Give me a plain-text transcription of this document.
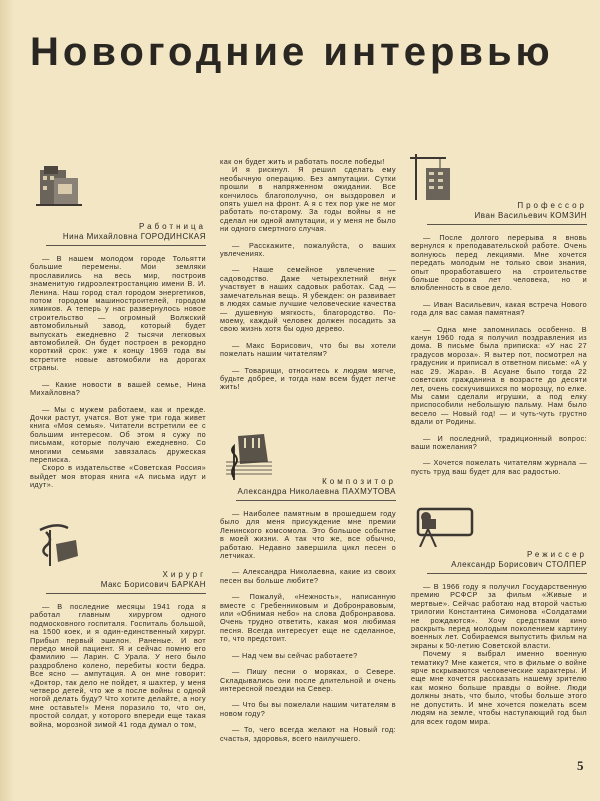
Новогодние интервью
Работница
Нина Михайловна ГОРОДИНСКАЯ

— В нашем молодом городе Тольятти большие перемены. Мои земляки прославились на весь мир, построив знаменитую гидроэлектростанцию имени В. И. Ленина. Наш город стал городом энергетиков, потом городом машиностроителей, городом химиков. А теперь у нас развернулось новое строительство — огромный Волжский автомобильный завод, который будет выпускать ежедневно 2 тысячи легковых автомобилей. Он будет построен в рекордно короткий срок: уже к концу 1969 года вы встретите новые автомобили на дорогах страны.

— Какие новости в вашей семье, Нина Михайловна?

— Мы с мужем работаем, как и прежде. Дочки растут, учатся. Вот уже три года живет книга «Моя семья». Читатели встретили ее с большим интересом. Об этом я сужу по письмам, которые получаю ежедневно. Со многими семьями завязалась дружеская переписка.

Скоро в издательстве «Советская Россия» выйдет моя вторая книга «А письма идут и идут».

Хирург
Макс Борисович БАРКАН

— В последние месяцы 1941 года я работал главным хирургом одного подмосковного госпиталя. Госпиталь большой, на 1500 коек, и я один-единственный хирург. Прибыл первый эшелон. Раненые. И вот передо мной пациент. Я и сейчас помню его фамилию — Ларин. С Урала. У него было раздроблено колено, перебиты кости бедра. Все ясно — ампутация. А он мне говорит: «Доктор, так дело не пойдет, я шахтер, у меня четверо детей, что же я после войны с одной ногой делать буду? Что хотите делайте, а ногу мне оставьте!» Меня поразило то, что он, простой солдат, у которого впереди еще такая война, морозной зимой 41 года думал о том,

как он будет жить и работать после победы!

И я рискнул. Я решил сделать ему необычную операцию. Без ампутации. Сутки прошли в напряженном ожидании. Все кончилось благополучно, он выздоровел и опять ушел на фронт. А я с тех пор уже не мог работать по-старому. За годы войны я не сделал ни одной ампутации, и у меня не было ни одного смертного случая.

— Расскажите, пожалуйста, о ваших увлечениях.

— Наше семейное увлечение — садоводство. Даже четырехлетний внук участвует в наших садовых работах. Сад — замечательная вещь. Я убежден: он развивает в людях самые лучшие человеческие качества — душевную мягкость, благородство. По-моему, каждый человек должен посадить за свою жизнь хотя бы одно дерево.

— Макс Борисович, что бы вы хотели пожелать нашим читателям?

— Товарищи, относитесь к людям мягче, будьте добрее, и тогда нам всем будет легче жить!

Композитор
Александра Николаевна ПАХМУТОВА

— Наиболее памятным в прошедшем году было для меня присуждение мне премии Ленинского комсомола. Это большое событие в моей жизни. А так что же, все обычно, работаю. Недавно завершила цикл песен о летчиках.

— Александра Николаевна, какие из своих песен вы больше любите?

— Пожалуй, «Нежность», написанную вместе с Гребенниковым и Добронравовым, или «Обнимая небо» на слова Добронравова. Очень трудно ответить, какая моя любимая песня. Всегда интересует еще не сделанное, то, что предстоит.

— Над чем вы сейчас работаете?

— Пишу песни о моряках, о Севере. Складывались они после длительной и очень интересной поездки на Север.

— Что бы вы пожелали нашим читателям в новом году?

— То, чего всегда желают на Новый год: счастья, здоровья, всего наилучшего.

Профессор
Иван Васильевич КОМЗИН

— После долгого перерыва я вновь вернулся к преподавательской работе. Очень волнуюсь перед лекциями. Мне хочется передать молодым не только свои знания, опыт проработавшего на строительстве больше сорока лет человека, но и влюбленность в свое дело.

— Иван Васильевич, какая встреча Нового года для вас самая памятная?

— Одна мне запомнилась особенно. В канун 1960 года я получил поздравления из дома. В письме была приписка: «У нас 27 градусов мороза». Я вытер пот, посмотрел на градусник и приписал в ответном письме: «А у нас 29. Жара». В Асуане было тогда 22 советских гражданина в возрасте до десяти лет, очень соскучившихся по морозцу, по елке. Мы сами сделали игрушки, а под елку приспособили небольшую пальму. Нам было весело — Новый год! — и чуть-чуть грустно вдали от Родины.

— И последний, традиционный вопрос: ваши пожелания?

— Хочется пожелать читателям журнала — пусть труд ваш будет для вас радостью.

Режиссер
Александр Борисович СТОЛПЕР

— В 1966 году я получил Государственную премию РСФСР за фильм «Живые и мертвые». Сейчас работаю над второй частью трилогии Константина Симонова «Солдатами не рождаются». Хочу средствами кино раскрыть перед молодым поколением картину военных лет. Собираемся выпустить фильм на экраны к 50-летию Советской власти.

Почему я выбрал именно военную тематику? Мне кажется, что в фильме о войне ярче вскрываются человеческие характеры. И еще мне хочется рассказать нашему зрителю как можно больше правды о войне. Люди должны знать, что было, чтобы больше этого не допустить. И мне хочется пожелать всем людям на земле, чтобы наступающий год был для всех годом мира.

5
